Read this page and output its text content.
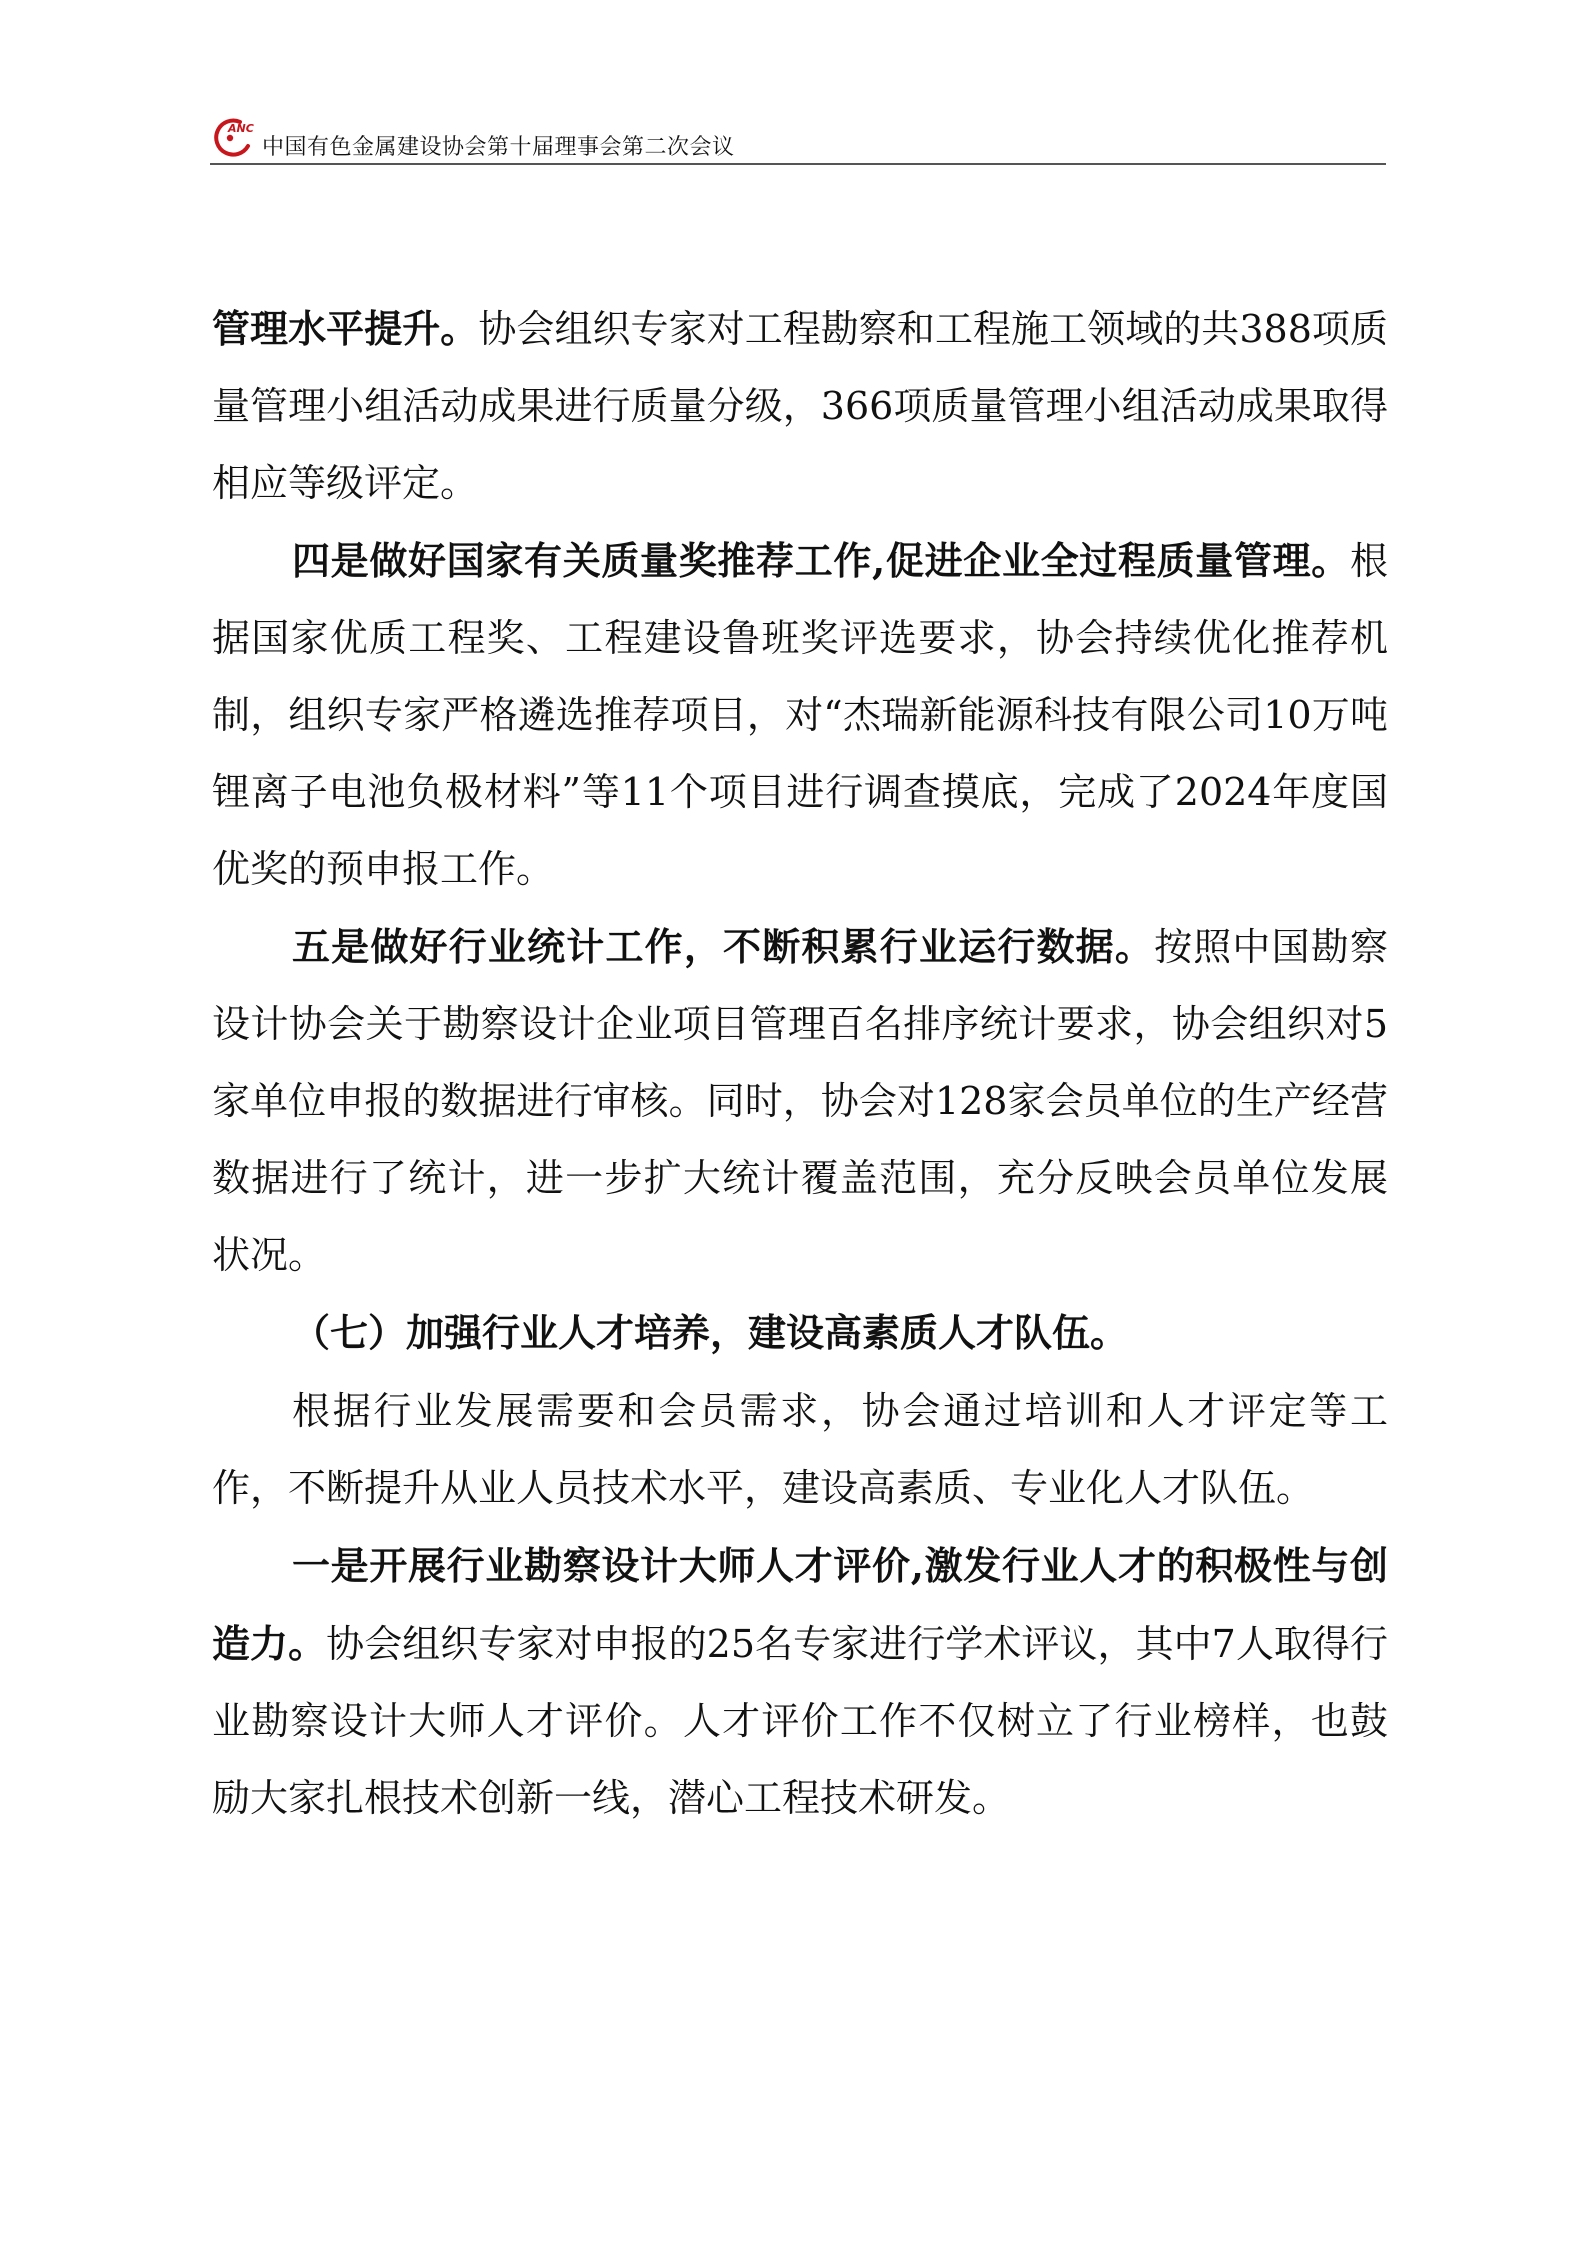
ANC
中国有色金属建设协会第十届理事会第二次会议

管理水平提升。协会组织专家对工程勘察和工程施工领域的共388项质量管理小组活动成果进行质量分级，366项质量管理小组活动成果取得相应等级评定。

四是做好国家有关质量奖推荐工作,促进企业全过程质量管理。根据国家优质工程奖、工程建设鲁班奖评选要求，协会持续优化推荐机制，组织专家严格遴选推荐项目，对“杰瑞新能源科技有限公司10万吨锂离子电池负极材料”等11个项目进行调查摸底，完成了2024年度国优奖的预申报工作。

五是做好行业统计工作，不断积累行业运行数据。按照中国勘察设计协会关于勘察设计企业项目管理百名排序统计要求，协会组织对5家单位申报的数据进行审核。同时，协会对128家会员单位的生产经营数据进行了统计，进一步扩大统计覆盖范围，充分反映会员单位发展状况。

（七）加强行业人才培养，建设高素质人才队伍。

根据行业发展需要和会员需求，协会通过培训和人才评定等工作，不断提升从业人员技术水平，建设高素质、专业化人才队伍。

一是开展行业勘察设计大师人才评价,激发行业人才的积极性与创造力。协会组织专家对申报的25名专家进行学术评议，其中7人取得行业勘察设计大师人才评价。人才评价工作不仅树立了行业榜样，也鼓励大家扎根技术创新一线，潜心工程技术研发。
